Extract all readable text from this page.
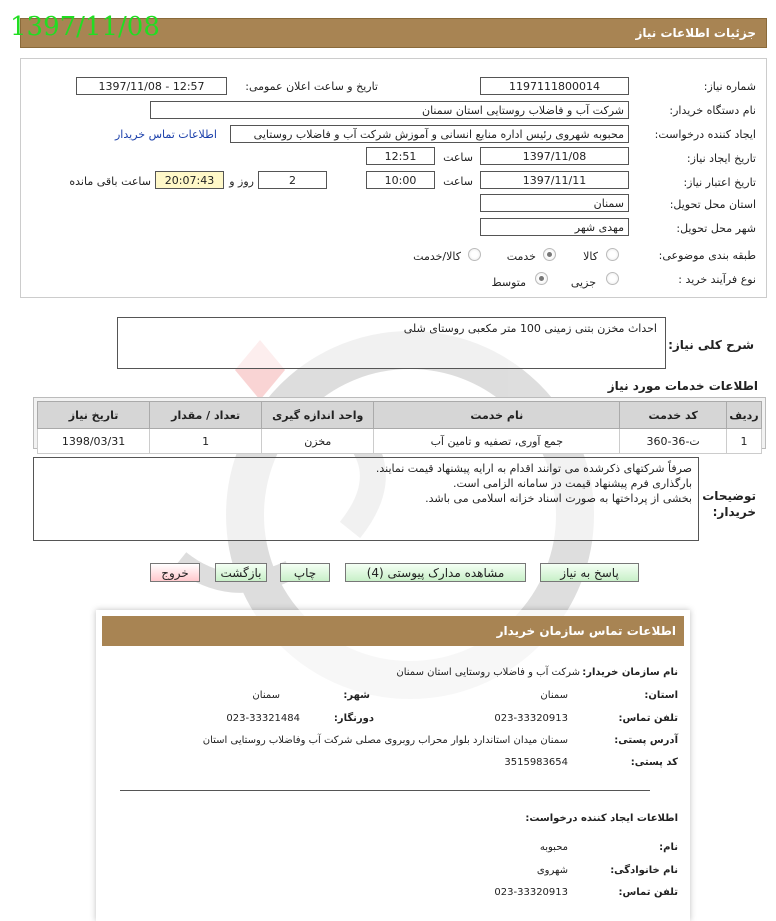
جزئیات اطلاعات نیاز
1397/11/08
شماره نیاز:
1197111800014
تاریخ و ساعت اعلان عمومی:
1397/11/08 - 12:57
نام دستگاه خریدار:
شرکت آب و فاضلاب روستایی استان سمنان
ایجاد کننده درخواست:
محبوبه شهروی رئیس اداره منابع انسانی و آموزش شرکت آب و فاضلاب روستایی
اطلاعات تماس خریدار
تاریخ ایجاد نیاز:
1397/11/08
ساعت
12:51
تاریخ اعتبار نیاز:
1397/11/11
ساعت
10:00
2
روز و
20:07:43
ساعت باقی مانده
استان محل تحویل:
سمنان
شهر محل تحویل:
مهدی شهر
طبقه بندی موضوعی:
کالا
خدمت
کالا/خدمت
نوع فرآیند خرید :
جزیی
متوسط
شرح کلی نیاز:
احداث مخزن بتنی زمینی 100 متر مکعبی روستای شلی
اطلاعات خدمات مورد نیاز
ردیف	کد خدمت	نام خدمت	واحد اندازه گیری	تعداد / مقدار	تاریخ نیاز
1	ت-36-360	جمع آوری، تصفیه و تامین آب	مخزن	1	1398/03/31
توضیحات خریدار:
صرفاً شرکتهای ذکرشده می توانند اقدام به ارایه پیشنهاد قیمت نمایند.
بارگذاری فرم پیشنهاد قیمت در سامانه الزامی است.
بخشی از پرداختها به صورت اسناد خزانه اسلامی می باشد.
پاسخ به نیاز
مشاهده مدارک پیوستی (4)
چاپ
بازگشت
خروج
اطلاعات تماس سازمان خریدار
نام سازمان خریدار:
شرکت آب و فاضلاب روستایی استان سمنان
استان:
سمنان
شهر:
سمنان
تلفن تماس:
023-33320913
دورنگار:
023-33321484
آدرس پستی:
سمنان میدان استاندارد بلوار محراب روبروی مصلی شرکت آب وفاضلاب روستایی استان
کد پستی:
3515983654
اطلاعات ایجاد کننده درخواست:
نام:
محبوبه
نام خانوادگی:
شهروی
تلفن تماس:
023-33320913
